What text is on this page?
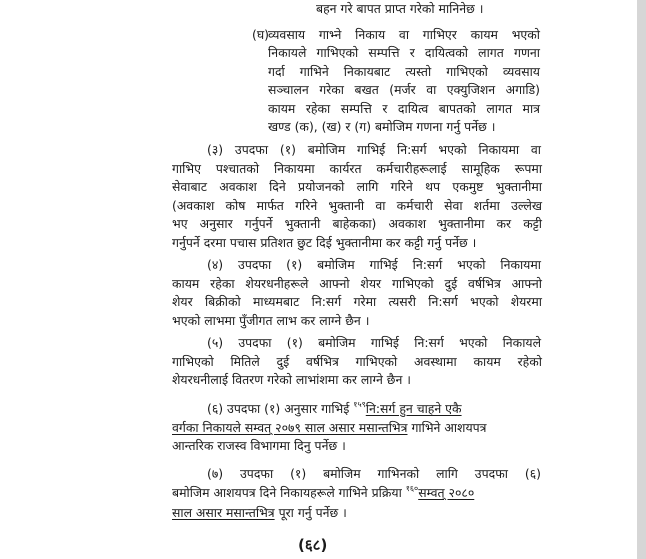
बहन गरे बापत प्राप्त गरेको मानिनेछ ।
(घ) व्यवसाय गाभ्ने निकाय वा गाभिएर कायम भएको
निकायले गाभिएको सम्पत्ति र दायित्वको लागत गणना
गर्दा गाभिने निकायबाट त्यस्तो गाभिएको व्यवसाय
सञ्चालन गरेका बखत (मर्जर वा एक्युजिशन अगाडि)
कायम रहेका सम्पत्ति र दायित्व बापतको लागत मात्र
खण्ड (क), (ख) र (ग) बमोजिम गणना गर्नु पर्नेछ ।
(३) उपदफा (१) बमोजिम गाभिई नि:सर्ग भएको निकायमा वा
गाभिए पश्चातको निकायमा कार्यरत कर्मचारीहरूलाई सामूहिक रूपमा
सेवाबाट अवकाश दिने प्रयोजनको लागि गरिने थप एकमुष्ट भुक्तानीमा
(अवकाश कोष मार्फत गरिने भुक्तानी वा कर्मचारी सेवा शर्तमा उल्लेख
भए अनुसार गर्नुपर्ने भुक्तानी बाहेकका) अवकाश भुक्तानीमा कर कट्टी
गर्नुपर्ने दरमा पचास प्रतिशत छुट दिई भुक्तानीमा कर कट्टी गर्नु पर्नेछ ।
(४) उपदफा (१) बमोजिम गाभिई नि:सर्ग भएको निकायमा
कायम रहेका शेयरधनीहरूले आफ्नो शेयर गाभिएको दुई वर्षभित्र आफ्नो
शेयर बिक्रीको माध्यमबाट नि:सर्ग गरेमा त्यसरी नि:सर्ग भएको शेयरमा
भएको लाभमा पुँजीगत लाभ कर लाग्ने छैन ।
(५) उपदफा (१) बमोजिम गाभिई नि:सर्ग भएको निकायले
गाभिएको मितिले दुई वर्षभित्र गाभिएको अवस्थामा कायम रहेको
शेयरधनीलाई वितरण गरेको लाभांशमा कर लाग्ने छैन ।
(६) उपदफा (१) अनुसार गाभिई $^{१५९}$नि:सर्ग हुन चाहने एकै
वर्गका निकायले सम्वत् २०७९ साल असार मसान्तभित्र गाभिने आशयपत्र
आन्तरिक राजस्व विभागमा दिनु पर्नेछ ।
(७) उपदफा (१) बमोजिम गाभिनको लागि उपदफा (६)
बमोजिम आशयपत्र दिने निकायहरूले गाभिने प्रक्रिया $^{१६०}$सम्वत् २०८०
साल असार मसान्तभित्र पूरा गर्नु पर्नेछ ।
(६८)
